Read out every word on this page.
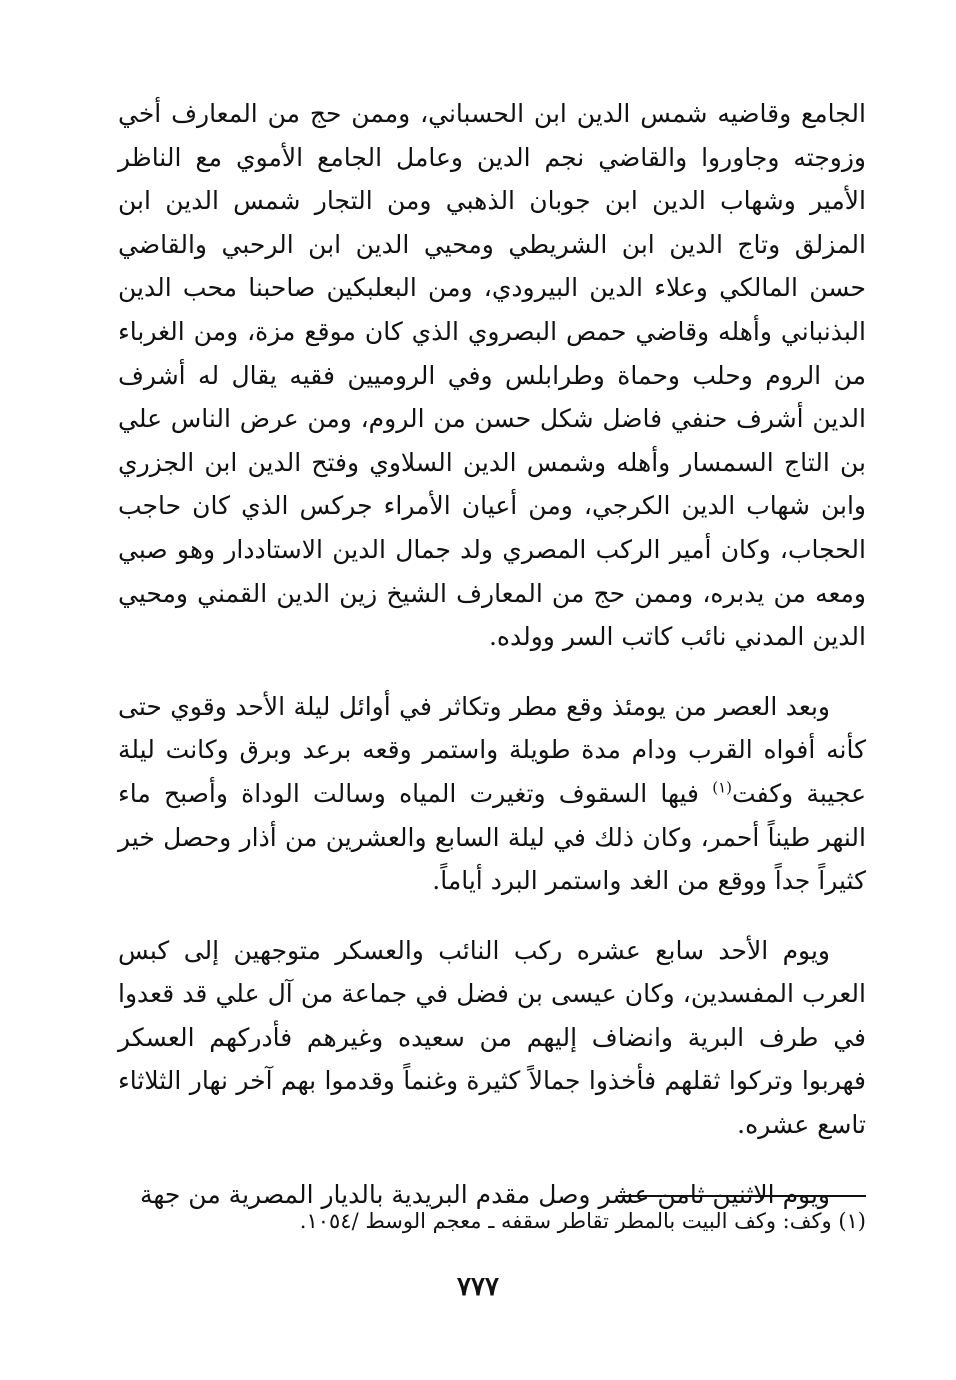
الجامع وقاضيه شمس الدين ابن الحسباني، وممن حج من المعارف أخي وزوجته وجاوروا والقاضي نجم الدين وعامل الجامع الأموي مع الناظر الأمير وشهاب الدين ابن جوبان الذهبي ومن التجار شمس الدين ابن المزلق وتاج الدين ابن الشريطي ومحيي الدين ابن الرحبي والقاضي حسن المالكي وعلاء الدين البيرودي، ومن البعلبكين صاحبنا محب الدين البذنباني وأهله وقاضي حمص البصروي الذي كان موقع مزة، ومن الغرباء من الروم وحلب وحماة وطرابلس وفي الروميين فقيه يقال له أشرف الدين أشرف حنفي فاضل شكل حسن من الروم، ومن عرض الناس علي بن التاج السمسار وأهله وشمس الدين السلاوي وفتح الدين ابن الجزري وابن شهاب الدين الكرجي، ومن أعيان الأمراء جركس الذي كان حاجب الحجاب، وكان أمير الركب المصري ولد جمال الدين الاستاددار وهو صبي ومعه من يدبره، وممن حج من المعارف الشيخ زين الدين القمني ومحيي الدين المدني نائب كاتب السر وولده.

وبعد العصر من يومئذ وقع مطر وتكاثر في أوائل ليلة الأحد وقوي حتى كأنه أفواه القرب ودام مدة طويلة واستمر وقعه برعد وبرق وكانت ليلة عجيبة وكفت$^{(١)}$ فيها السقوف وتغيرت المياه وسالت الوداة وأصبح ماء النهر طيناً أحمر، وكان ذلك في ليلة السابع والعشرين من أذار وحصل خير كثيراً جداً ووقع من الغد واستمر البرد أياماً.

ويوم الأحد سابع عشره ركب النائب والعسكر متوجهين إلى كبس العرب المفسدين، وكان عيسى بن فضل في جماعة من آل علي قد قعدوا في طرف البرية وانضاف إليهم من سعيده وغيرهم فأدركهم العسكر فهربوا وتركوا ثقلهم فأخذوا جمالاً كثيرة وغنماً وقدموا بهم آخر نهار الثلاثاء تاسع عشره.

ويوم الاثنين ثامن عشر وصل مقدم البريدية بالديار المصرية من جهة

(١) وكف: وكف البيت بالمطر تقاطر سقفه ـ معجم الوسط /١٠٥٤.
٧٧٧
